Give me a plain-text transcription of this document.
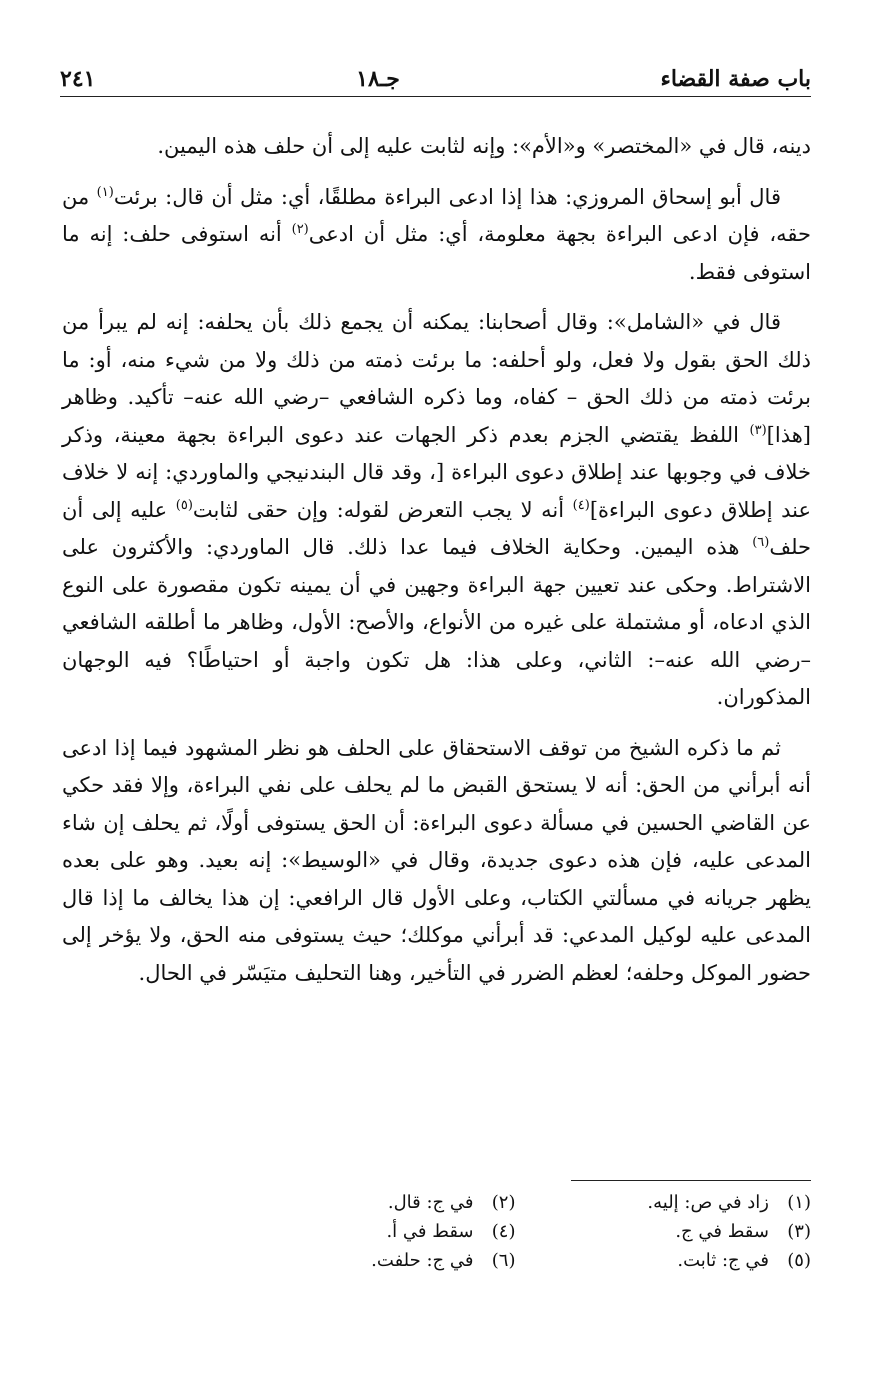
باب صفة القضاء
جـ١٨
٢٤١

دينه، قال في «المختصر» و«الأم»: وإنه لثابت عليه إلى أن حلف هذه اليمين.

قال أبو إسحاق المروزي: هذا إذا ادعى البراءة مطلقًا، أي: مثل أن قال: برئت$^{(١)}$ من حقه، فإن ادعى البراءة بجهة معلومة، أي: مثل أن ادعى$^{(٢)}$ أنه استوفى حلف: إنه ما استوفى فقط.

قال في «الشامل»: وقال أصحابنا: يمكنه أن يجمع ذلك بأن يحلفه: إنه لم يبرأ من ذلك الحق بقول ولا فعل، ولو أحلفه: ما برئت ذمته من ذلك ولا من شيء منه، أو: ما برئت ذمته من ذلك الحق – كفاه، وما ذكره الشافعي –رضي الله عنه– تأكيد. وظاهر [هذا]$^{(٣)}$ اللفظ يقتضي الجزم بعدم ذكر الجهات عند دعوى البراءة بجهة معينة، وذكر خلاف في وجوبها عند إطلاق دعوى البراءة [، وقد قال البندنيجي والماوردي: إنه لا خلاف عند إطلاق دعوى البراءة]$^{(٤)}$ أنه لا يجب التعرض لقوله: وإن حقى لثابت$^{(٥)}$ عليه إلى أن حلف$^{(٦)}$ هذه اليمين. وحكاية الخلاف فيما عدا ذلك. قال الماوردي: والأكثرون على الاشتراط. وحكى عند تعيين جهة البراءة وجهين في أن يمينه تكون مقصورة على النوع الذي ادعاه، أو مشتملة على غيره من الأنواع، والأصح: الأول، وظاهر ما أطلقه الشافعي –رضي الله عنه–: الثاني، وعلى هذا: هل تكون واجبة أو احتياطًا؟ فيه الوجهان المذكوران.

ثم ما ذكره الشيخ من توقف الاستحقاق على الحلف هو نظر المشهود فيما إذا ادعى أنه أبرأني من الحق: أنه لا يستحق القبض ما لم يحلف على نفي البراءة، وإلا فقد حكي عن القاضي الحسين في مسألة دعوى البراءة: أن الحق يستوفى أولًا، ثم يحلف إن شاء المدعى عليه، فإن هذه دعوى جديدة، وقال في «الوسيط»: إنه بعيد. وهو على بعده يظهر جريانه في مسألتي الكتاب، وعلى الأول قال الرافعي: إن هذا يخالف ما إذا قال المدعى عليه لوكيل المدعي: قد أبرأني موكلك؛ حيث يستوفى منه الحق، ولا يؤخر إلى حضور الموكل وحلفه؛ لعظم الضرر في التأخير، وهنا التحليف متيَسّر في الحال.

(١)
زاد في ص: إليه.
(٢)
في ج: قال.
(٣)
سقط في ج.
(٤)
سقط في أ.
(٥)
في ج: ثابت.
(٦)
في ج: حلفت.
